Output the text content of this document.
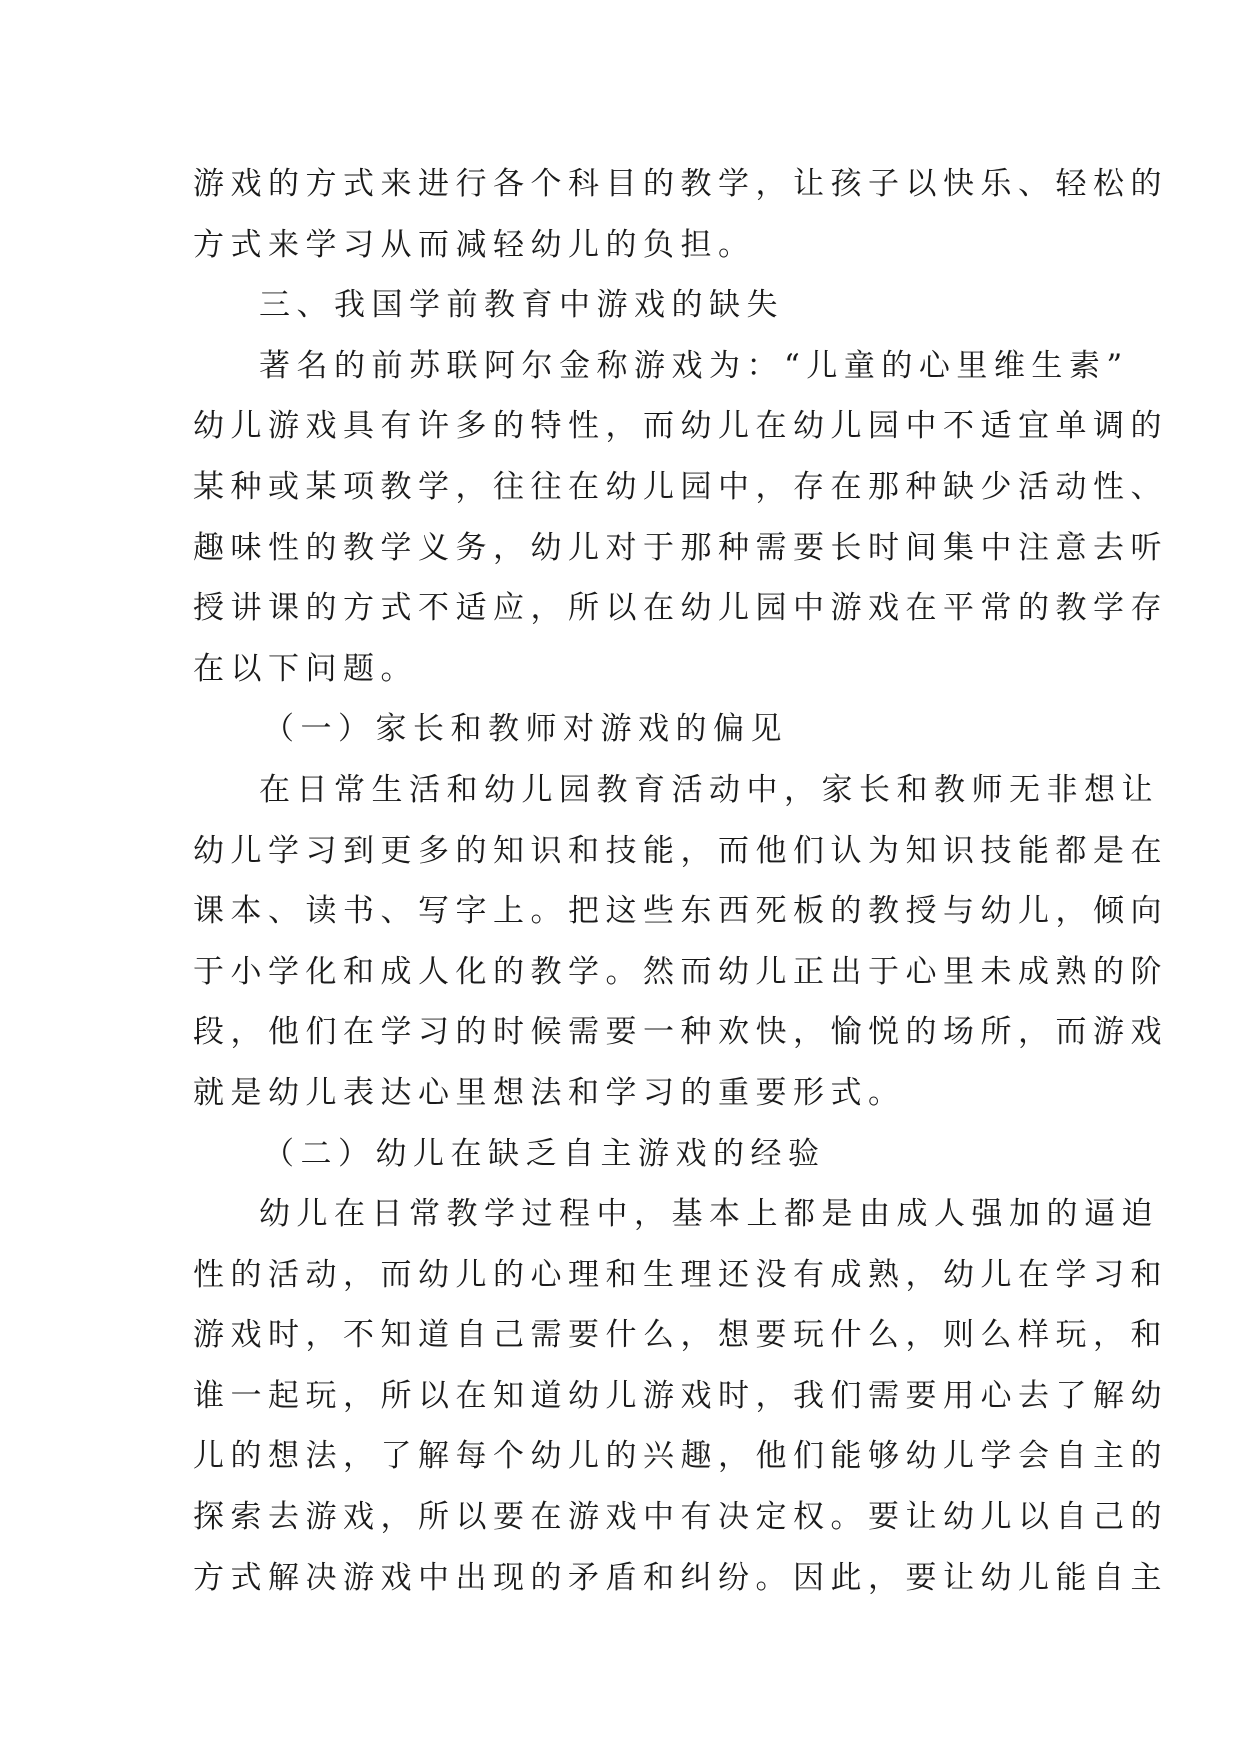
游戏的方式来进行各个科目的教学，让孩子以快乐、轻松的
方式来学习从而减轻幼儿的负担。
三、我国学前教育中游戏的缺失
著名的前苏联阿尔金称游戏为：“儿童的心里维生素”
幼儿游戏具有许多的特性，而幼儿在幼儿园中不适宜单调的
某种或某项教学，往往在幼儿园中，存在那种缺少活动性、
趣味性的教学义务，幼儿对于那种需要长时间集中注意去听
授讲课的方式不适应，所以在幼儿园中游戏在平常的教学存
在以下问题。
（一）家长和教师对游戏的偏见
在日常生活和幼儿园教育活动中，家长和教师无非想让
幼儿学习到更多的知识和技能，而他们认为知识技能都是在
课本、读书、写字上。把这些东西死板的教授与幼儿，倾向
于小学化和成人化的教学。然而幼儿正出于心里未成熟的阶
段，他们在学习的时候需要一种欢快，愉悦的场所，而游戏
就是幼儿表达心里想法和学习的重要形式。
（二）幼儿在缺乏自主游戏的经验
幼儿在日常教学过程中，基本上都是由成人强加的逼迫
性的活动，而幼儿的心理和生理还没有成熟，幼儿在学习和
游戏时，不知道自己需要什么，想要玩什么，则么样玩，和
谁一起玩，所以在知道幼儿游戏时，我们需要用心去了解幼
儿的想法，了解每个幼儿的兴趣，他们能够幼儿学会自主的
探索去游戏，所以要在游戏中有决定权。要让幼儿以自己的
方式解决游戏中出现的矛盾和纠纷。因此，要让幼儿能自主
